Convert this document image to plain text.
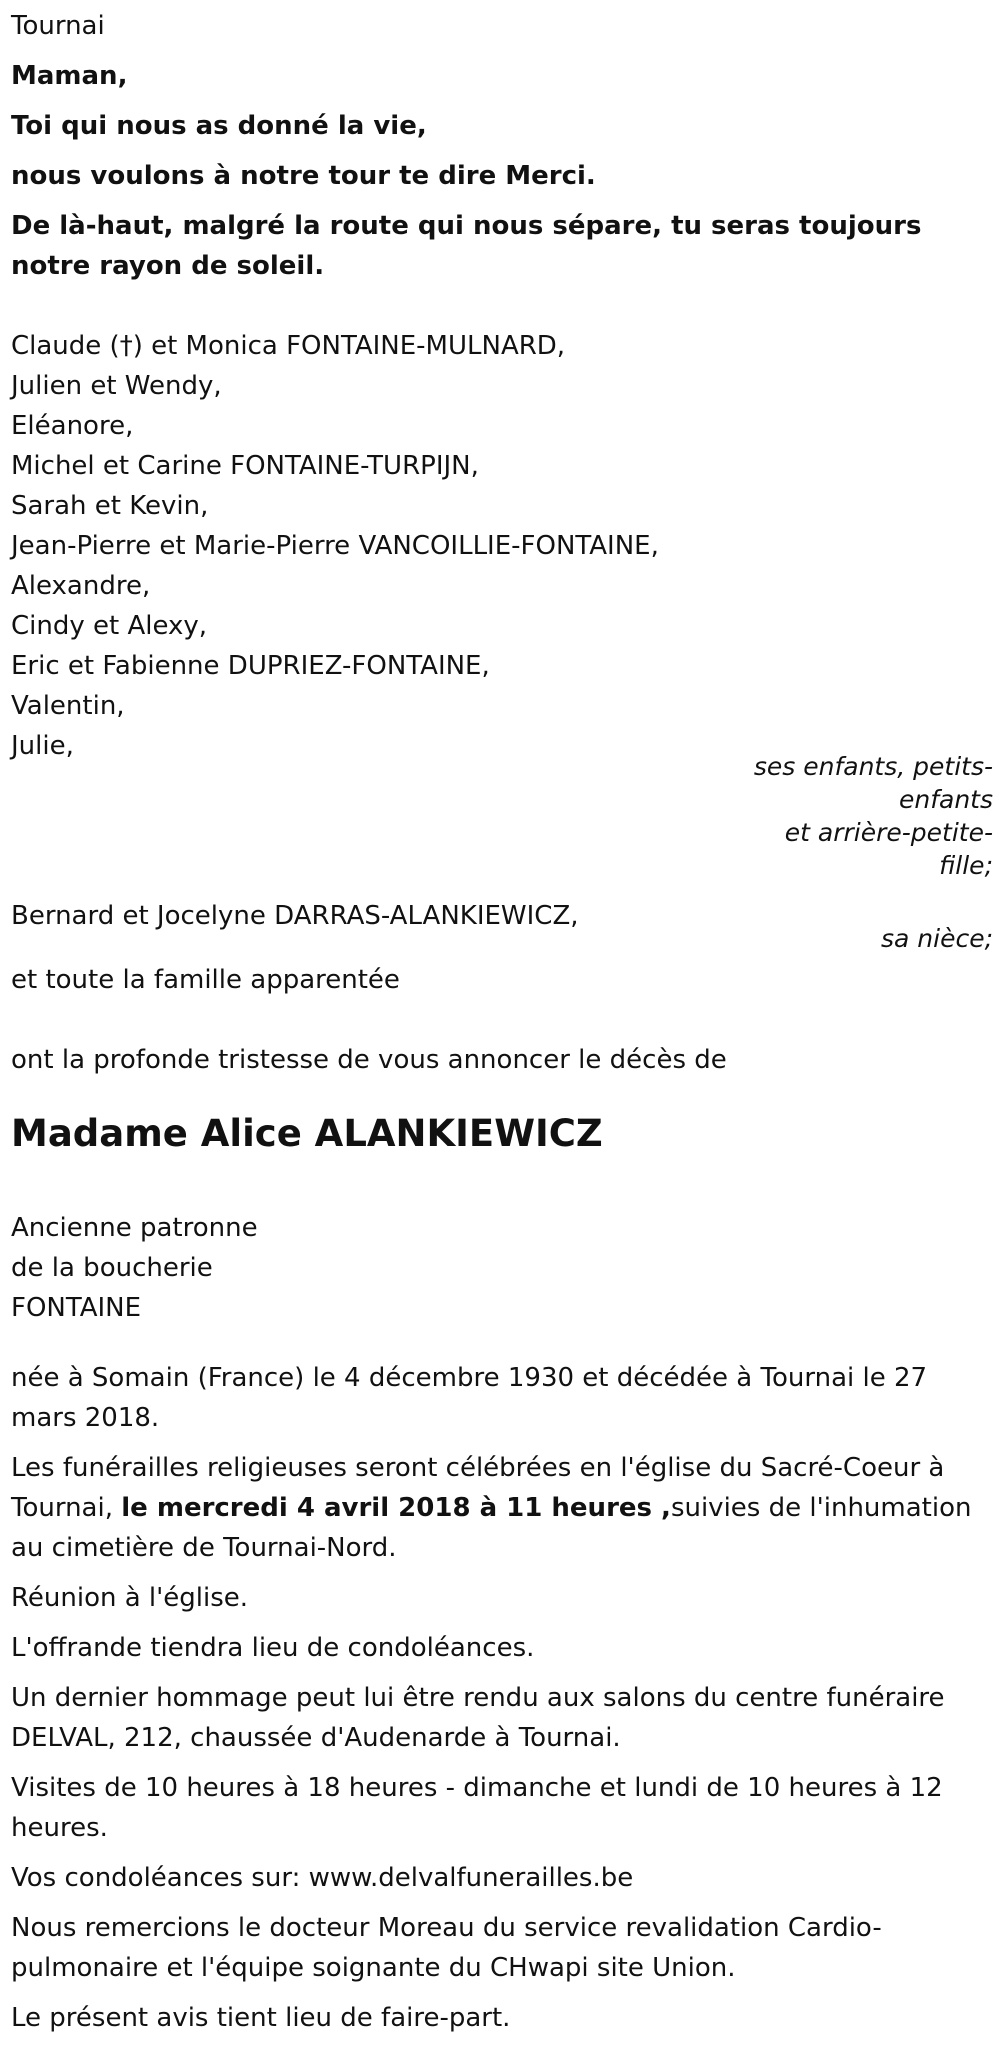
Tournai

Maman,

Toi qui nous as donné la vie,

nous voulons à notre tour te dire Merci.

De là-haut, malgré la route qui nous sépare, tu seras toujours notre rayon de soleil.

Claude (†) et Monica FONTAINE-MULNARD,

Julien et Wendy,

Eléanore,

Michel et Carine FONTAINE-TURPIJN,

Sarah et Kevin,

Jean-Pierre et Marie-Pierre VANCOILLIE-FONTAINE,

Alexandre,

Cindy et Alexy,

Eric et Fabienne DUPRIEZ-FONTAINE,

Valentin,

Julie,

ses enfants, petits-enfants
et arrière-petite-fille;

Bernard et Jocelyne DARRAS-ALANKIEWICZ,

sa nièce;

et toute la famille apparentée

ont la profonde tristesse de vous annoncer le décès de

Madame Alice ALANKIEWICZ

Ancienne patronne

de la boucherie

FONTAINE

née à Somain (France) le 4 décembre 1930 et décédée à Tournai le 27 mars 2018.

Les funérailles religieuses seront célébrées en l'église du Sacré-Coeur à Tournai, le mercredi 4 avril 2018 à 11 heures ,suivies de l'inhumation au cimetière de Tournai-Nord.

Réunion à l'église.

L'offrande tiendra lieu de condoléances.

Un dernier hommage peut lui être rendu aux salons du centre funéraire DELVAL, 212, chaussée d'Audenarde à Tournai.

Visites de 10 heures à 18 heures - dimanche et lundi de 10 heures à 12 heures.

Vos condoléances sur: www.delvalfunerailles.be

Nous remercions le docteur Moreau du service revalidation Cardio-pulmonaire et l'équipe soignante du CHwapi site Union.

Le présent avis tient lieu de faire-part.
